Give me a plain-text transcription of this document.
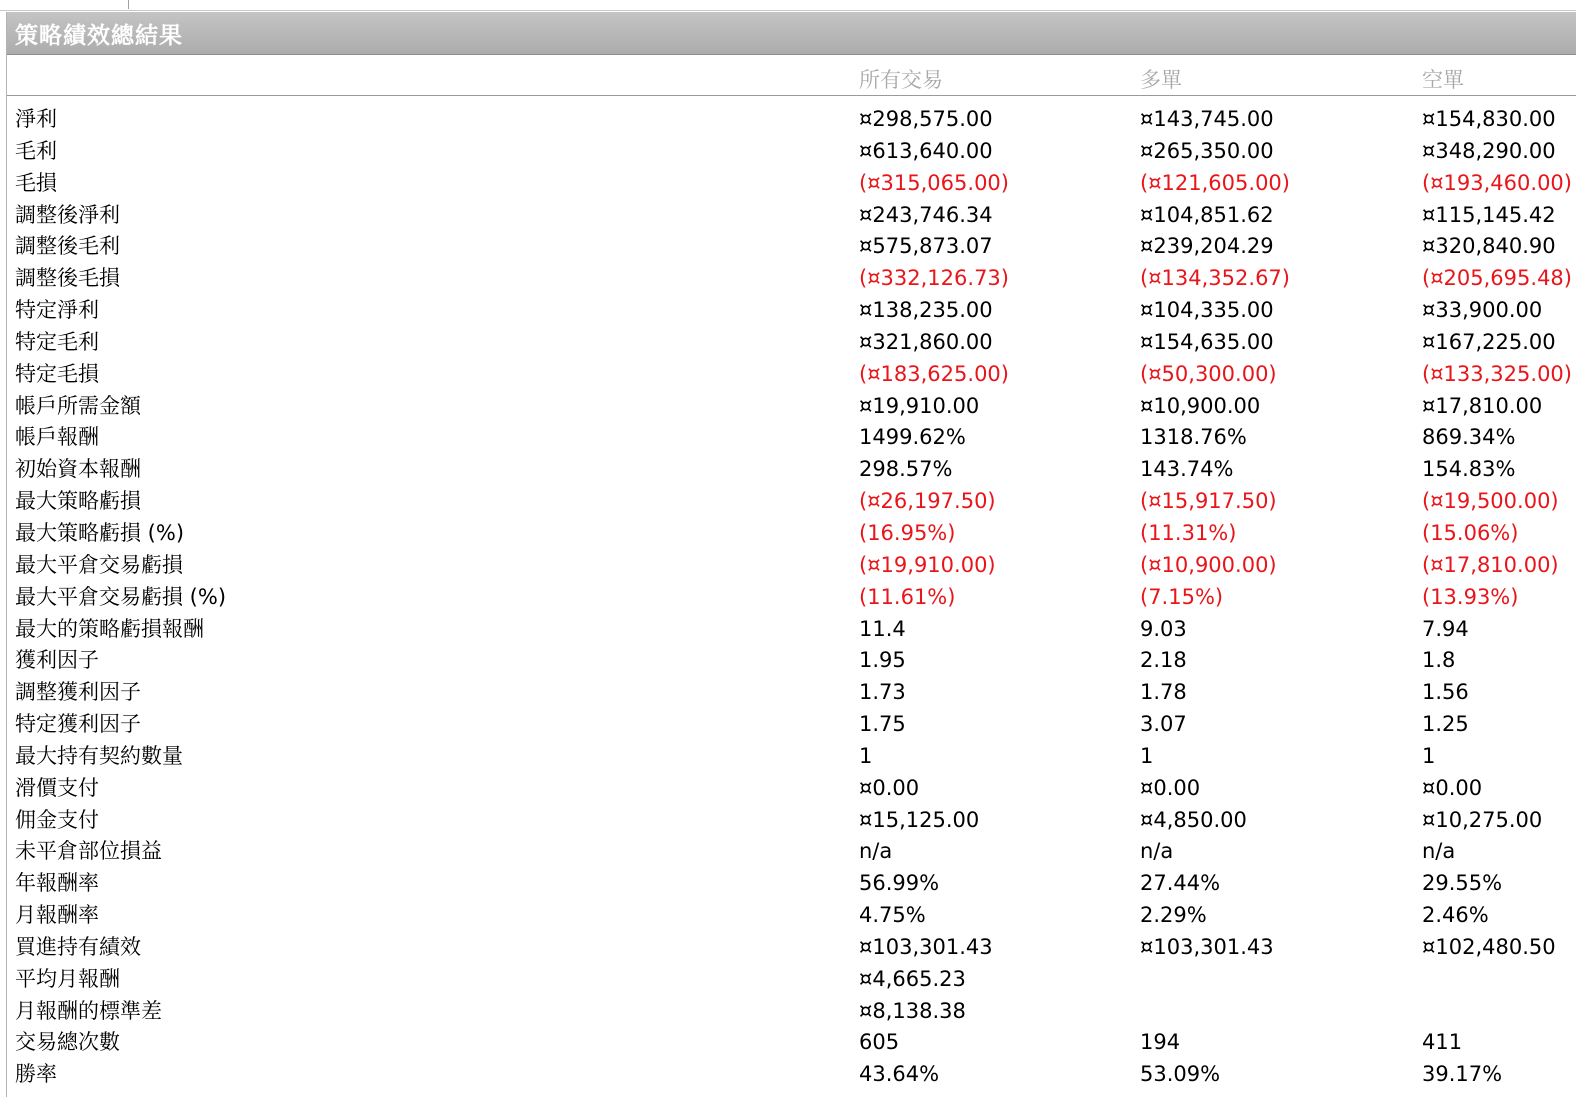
策略績效總結果
所有交易	多單	空單
淨利	¤298,575.00	¤143,745.00	¤154,830.00
毛利	¤613,640.00	¤265,350.00	¤348,290.00
毛損	(¤315,065.00)	(¤121,605.00)	(¤193,460.00)
調整後淨利	¤243,746.34	¤104,851.62	¤115,145.42
調整後毛利	¤575,873.07	¤239,204.29	¤320,840.90
調整後毛損	(¤332,126.73)	(¤134,352.67)	(¤205,695.48)
特定淨利	¤138,235.00	¤104,335.00	¤33,900.00
特定毛利	¤321,860.00	¤154,635.00	¤167,225.00
特定毛損	(¤183,625.00)	(¤50,300.00)	(¤133,325.00)
帳戶所需金額	¤19,910.00	¤10,900.00	¤17,810.00
帳戶報酬	1499.62%	1318.76%	869.34%
初始資本報酬	298.57%	143.74%	154.83%
最大策略虧損	(¤26,197.50)	(¤15,917.50)	(¤19,500.00)
最大策略虧損 (%)	(16.95%)	(11.31%)	(15.06%)
最大平倉交易虧損	(¤19,910.00)	(¤10,900.00)	(¤17,810.00)
最大平倉交易虧損 (%)	(11.61%)	(7.15%)	(13.93%)
最大的策略虧損報酬	11.4	9.03	7.94
獲利因子	1.95	2.18	1.8
調整獲利因子	1.73	1.78	1.56
特定獲利因子	1.75	3.07	1.25
最大持有契約數量	1	1	1
滑價支付	¤0.00	¤0.00	¤0.00
佣金支付	¤15,125.00	¤4,850.00	¤10,275.00
未平倉部位損益	n/a	n/a	n/a
年報酬率	56.99%	27.44%	29.55%
月報酬率	4.75%	2.29%	2.46%
買進持有績效	¤103,301.43	¤103,301.43	¤102,480.50
平均月報酬	¤4,665.23
月報酬的標準差	¤8,138.38
交易總次數	605	194	411
勝率	43.64%	53.09%	39.17%
